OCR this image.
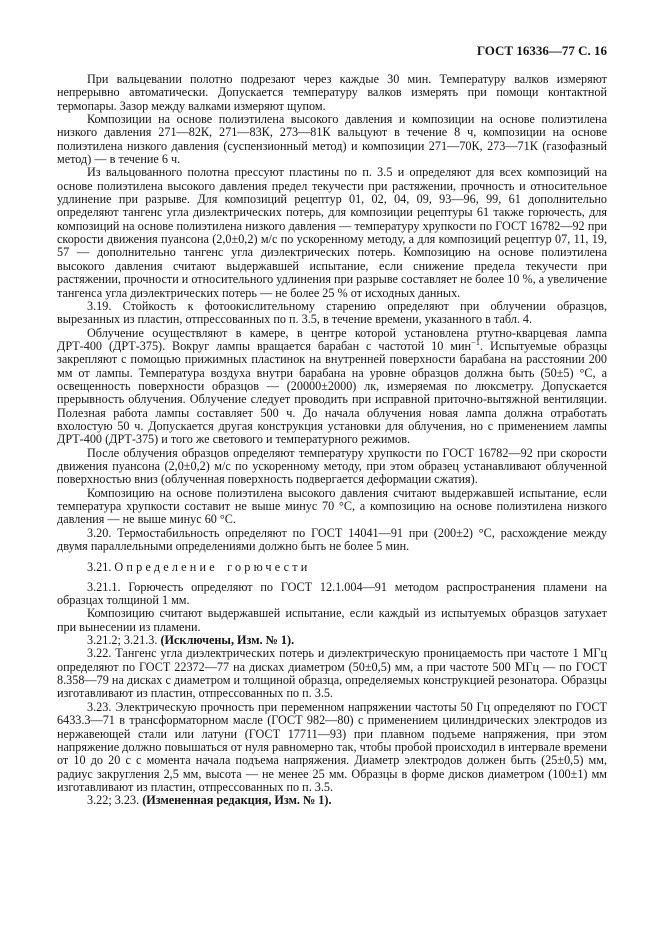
ГОСТ 16336—77 С. 16

При вальцевании полотно подрезают через каждые 30 мин. Температуру валков измеряют непрерывно автоматически. Допускается температуру валков измерять при помощи контактной термопары. Зазор между валками измеряют щупом.

Композиции на основе полиэтилена высокого давления и композиции на основе полиэтилена низкого давления 271—82К, 271—83К, 273—81К вальцуют в течение 8 ч, композиции на основе полиэтилена низкого давления (суспензионный метод) и композиции 271—70К, 273—71К (газофазный метод) — в течение 6 ч.

Из вальцованного полотна прессуют пластины по п. 3.5 и определяют для всех композиций на основе полиэтилена высокого давления предел текучести при растяжении, прочность и относительное удлинение при разрыве. Для композиций рецептур 01, 02, 04, 09, 93—96, 99, 61 дополнительно определяют тангенс угла диэлектрических потерь, для композиции рецептуры 61 также горючесть, для композиций на основе полиэтилена низкого давления — температуру хрупкости по ГОСТ 16782—92 при скорости движения пуансона (2,0±0,2) м/с по ускоренному методу, а для композиций рецептур 07, 11, 19, 57 — дополнительно тангенс угла диэлектрических потерь. Композицию на основе полиэтилена высокого давления считают выдержавшей испытание, если снижение предела текучести при растяжении, прочности и относительного удлинения при разрыве составляет не более 10 %, а увеличение тангенса угла диэлектрических потерь — не более 25 % от исходных данных.

3.19. Стойкость к фотоокислительному старению определяют при облучении образцов, вырезанных из пластин, отпрессованных по п. 3.5, в течение времени, указанного в табл. 4.

Облучение осуществляют в камере, в центре которой установлена ртутно-кварцевая лампа ДРТ-400 (ДРТ-375). Вокруг лампы вращается барабан с частотой 10 мин$^{-1}$. Испытуемые образцы закрепляют с помощью прижимных пластинок на внутренней поверхности барабана на расстоянии 200 мм от лампы. Температура воздуха внутри барабана на уровне образцов должна быть (50±5) °С, а освещенность поверхности образцов — (20000±2000) лк, измеряемая по люксметру. Допускается прерывность облучения. Облучение следует проводить при исправной приточно-вытяжной вентиляции. Полезная работа лампы составляет 500 ч. До начала облучения новая лампа должна отработать вхолостую 50 ч. Допускается другая конструкция установки для облучения, но с применением лампы ДРТ-400 (ДРТ-375) и того же светового и температурного режимов.

После облучения образцов определяют температуру хрупкости по ГОСТ 16782—92 при скорости движения пуансона (2,0±0,2) м/с по ускоренному методу, при этом образец устанавливают облученной поверхностью вниз (облученная поверхность подвергается деформации сжатия).

Композицию на основе полиэтилена высокого давления считают выдержавшей испытание, если температура хрупкости составит не выше минус 70 °С, а композицию на основе полиэтилена низкого давления — не выше минус 60 °С.

3.20. Термостабильность определяют по ГОСТ 14041—91 при (200±2) °С, расхождение между двумя параллельными определениями должно быть не более 5 мин.

3.21. Определение горючести

3.21.1. Горючесть определяют по ГОСТ 12.1.004—91 методом распространения пламени на образцах толщиной 1 мм.

Композицию считают выдержавшей испытание, если каждый из испытуемых образцов затухает при вынесении из пламени.

3.21.2; 3.21.3. (Исключены, Изм. № 1).

3.22. Тангенс угла диэлектрических потерь и диэлектрическую проницаемость при частоте 1 МГц определяют по ГОСТ 22372—77 на дисках диаметром (50±0,5) мм, а при частоте 500 МГц — по ГОСТ 8.358—79 на дисках с диаметром и толщиной образца, определяемых конструкцией резонатора. Образцы изготавливают из пластин, отпрессованных по п. 3.5.

3.23. Электрическую прочность при переменном напряжении частоты 50 Гц определяют по ГОСТ 6433.3—71 в трансформаторном масле (ГОСТ 982—80) с применением цилиндрических электродов из нержавеющей стали или латуни (ГОСТ 17711—93) при плавном подъеме напряжения, при этом напряжение должно повышаться от нуля равномерно так, чтобы пробой происходил в интервале времени от 10 до 20 с с момента начала подъема напряжения. Диаметр электродов должен быть (25±0,5) мм, радиус закругления 2,5 мм, высота — не менее 25 мм. Образцы в форме дисков диаметром (100±1) мм изготавливают из пластин, отпрессованных по п. 3.5.

3.22; 3.23. (Измененная редакция, Изм. № 1).
